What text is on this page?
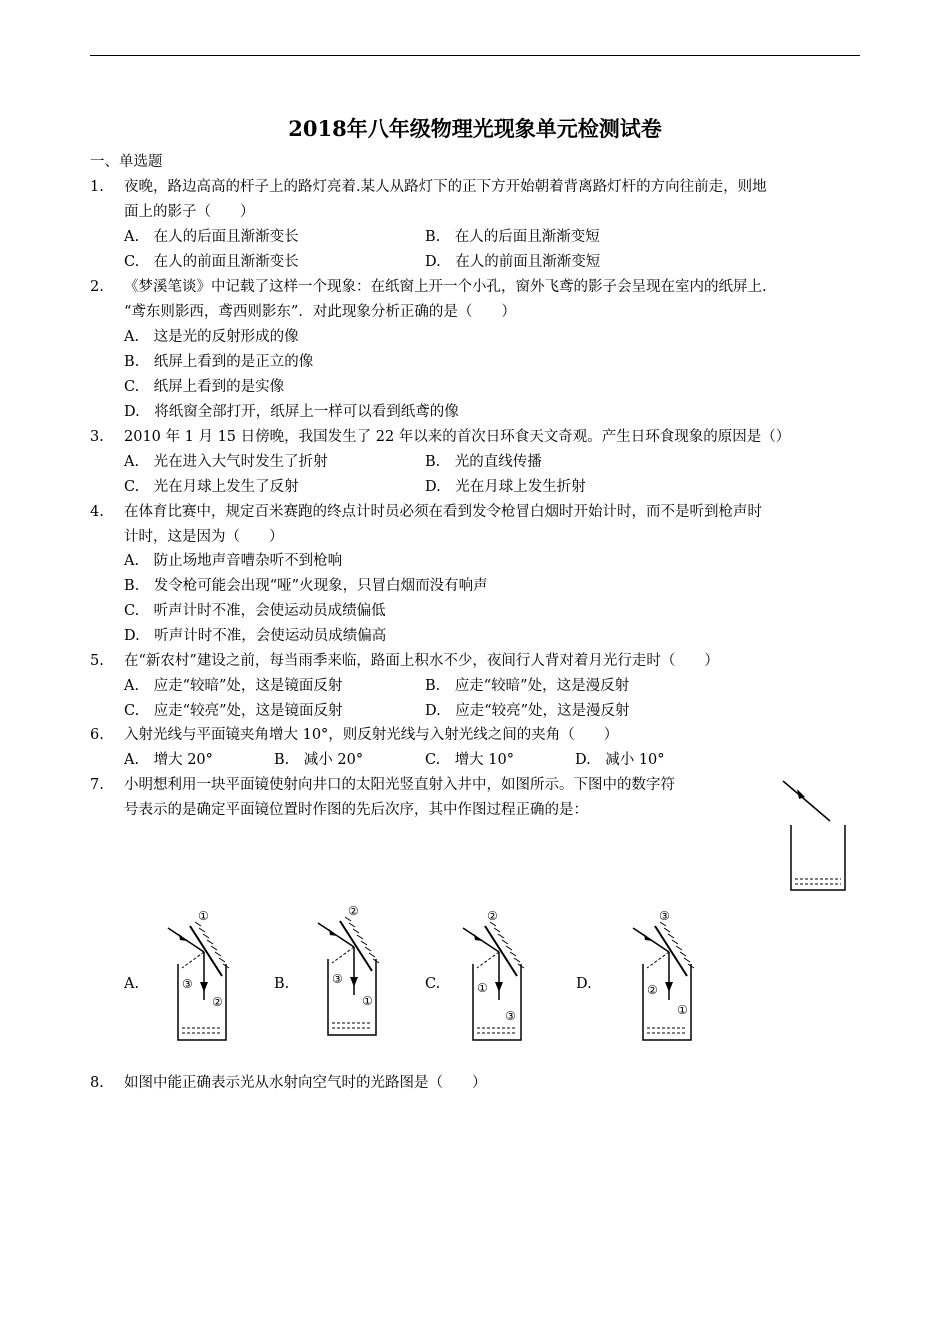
2018年八年级物理光现象单元检测试卷
一、单选题
1. 夜晚，路边高高的杆子上的路灯亮着.某人从路灯下的正下方开始朝着背离路灯杆的方向往前走，则地
面上的影子（　　）
A.　在人的后面且渐渐变长	B.　在人的后面且渐渐变短
C.　在人的前面且渐渐变长	D.　在人的前面且渐渐变短
2. 《梦溪笔谈》中记载了这样一个现象：在纸窗上开一个小孔，窗外飞鸢的影子会呈现在室内的纸屏上.
“鸢东则影西，鸢西则影东”．对此现象分析正确的是（　　）
A.　这是光的反射形成的像
B.　纸屏上看到的是正立的像
C.　纸屏上看到的是实像
D.　将纸窗全部打开，纸屏上一样可以看到纸鸢的像
3. 2010 年 1 月 15 日傍晚，我国发生了 22 年以来的首次日环食天文奇观。产生日环食现象的原因是（）
A.　光在进入大气时发生了折射	B.　光的直线传播
C.　光在月球上发生了反射	D.　光在月球上发生折射
4. 在体育比赛中，规定百米赛跑的终点计时员必须在看到发令枪冒白烟时开始计时，而不是听到枪声时
计时，这是因为（　　）
A.　防止场地声音嘈杂听不到枪响
B.　发令枪可能会出现“哑”火现象，只冒白烟而没有响声
C.　听声计时不准，会使运动员成绩偏低
D.　听声计时不准，会使运动员成绩偏高
5. 在“新农村”建设之前，每当雨季来临，路面上积水不少，夜间行人背对着月光行走时（　　）
A.　应走“较暗”处，这是镜面反射	B.　应走“较暗”处，这是漫反射
C.　应走“较亮”处，这是镜面反射	D.　应走“较亮”处，这是漫反射
6. 入射光线与平面镜夹角增大 10°，则反射光线与入射光线之间的夹角（　　）
A.　增大 20°	B.　减小 20°	C.　增大 10°	D.　减小 10°
7. 小明想利用一块平面镜使射向井口的太阳光竖直射入井中，如图所示。下图中的数字符
号表示的是确定平面镜位置时作图的先后次序，其中作图过程正确的是：
A.	B.	C.	D.
①
③
②
②
③
①
②
①
③
③
②
①
8. 如图中能正确表示光从水射向空气时的光路图是（　　）
